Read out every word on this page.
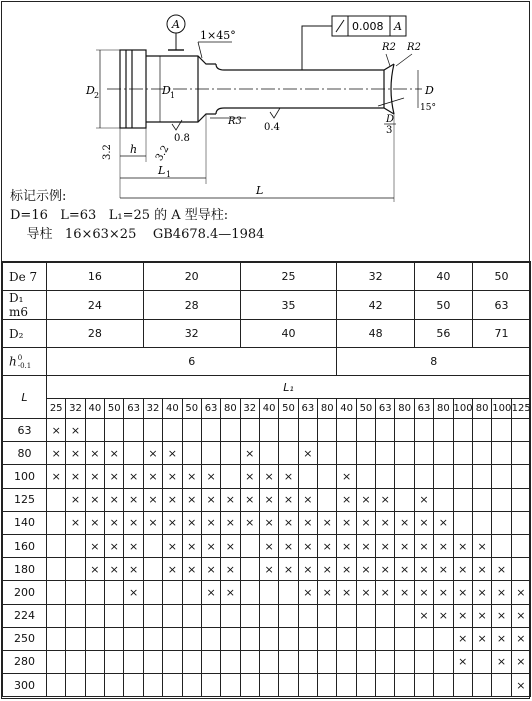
A
1×45°
0.008 A
R2 R2
D
15°
D
3
D 2	D 1
0.8
0.4
R3
3.2	3.2
h
L 1
L
标记示例:
D=16   L=63   L₁=25 的 A 型导柱:
导柱   16×63×25    GB4678.4—1984
De 7	16					20					25					32				40			50		
D₁ m6	24					28					35					42				50			63		
D₂	28					32					40					48				56			71		
h 0
-0.1	6															8									
L	L₁																								
	25	32	40	50	63	32	40	50	63	80	32	40	50	63	80	40	50	63	80	63	80	100	80	100	125
63	×	×																							
80	×	×	×	×		×	×				×			×											
100	×	×	×	×	×	×	×	×	×		×	×	×			×									
125		×	×	×	×	×	×	×	×	×	×	×	×	×		×	×	×		×					
140		×	×	×	×	×	×	×	×	×	×	×	×	×	×	×	×	×	×	×	×				
160			×	×	×		×	×	×	×		×	×	×	×	×	×	×	×	×	×	×	×		
180			×	×	×		×	×	×	×		×	×	×	×	×	×	×	×	×	×	×	×	×	
200					×				×	×				×	×	×	×	×	×	×	×	×	×	×	×
224																				×	×	×	×	×	×
250																						×	×	×	×
280																						×		×	×
300																									×
